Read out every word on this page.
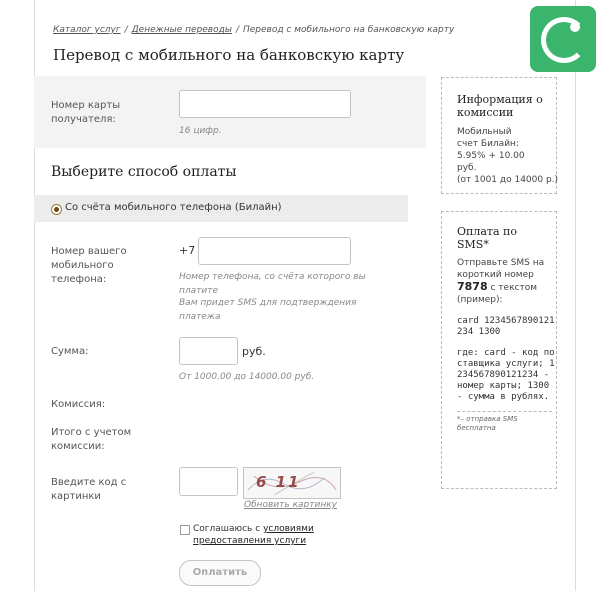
Каталог услуг / Денежные переводы / Перевод с мобильного на банковскую карту
Перевод с мобильного на банковскую карту
Номер карты получателя:
16 цифр.
Выберите способ оплаты
Со счёта мобильного телефона (Билайн)
Номер вашего мобильного телефона:
+7
Номер телефона, со счёта которого вы платите
Вам придет SMS для подтверждения платежа
Сумма:	руб.
От 1000.00 до 14000.00 руб.
Комиссия:
Итого с учетом комиссии:
Введите код с картинки
6 11
Обновить картинку
Соглашаюсь с условиями предоставления услуги
Оплатить
Информация о комиссии
Мобильный счет Билайн: 5.95% + 10.00 руб.
(от 1001 до 14000 р.)
Оплата по SMS*
Отправьте SMS на короткий номер 7878 с текстом (пример):
card 1234567890121234 1300
где: card - код поставщика услуги; 1234567890121234 - номер карты; 1300 - сумма в рублях.
*– отправка SMS бесплатна
